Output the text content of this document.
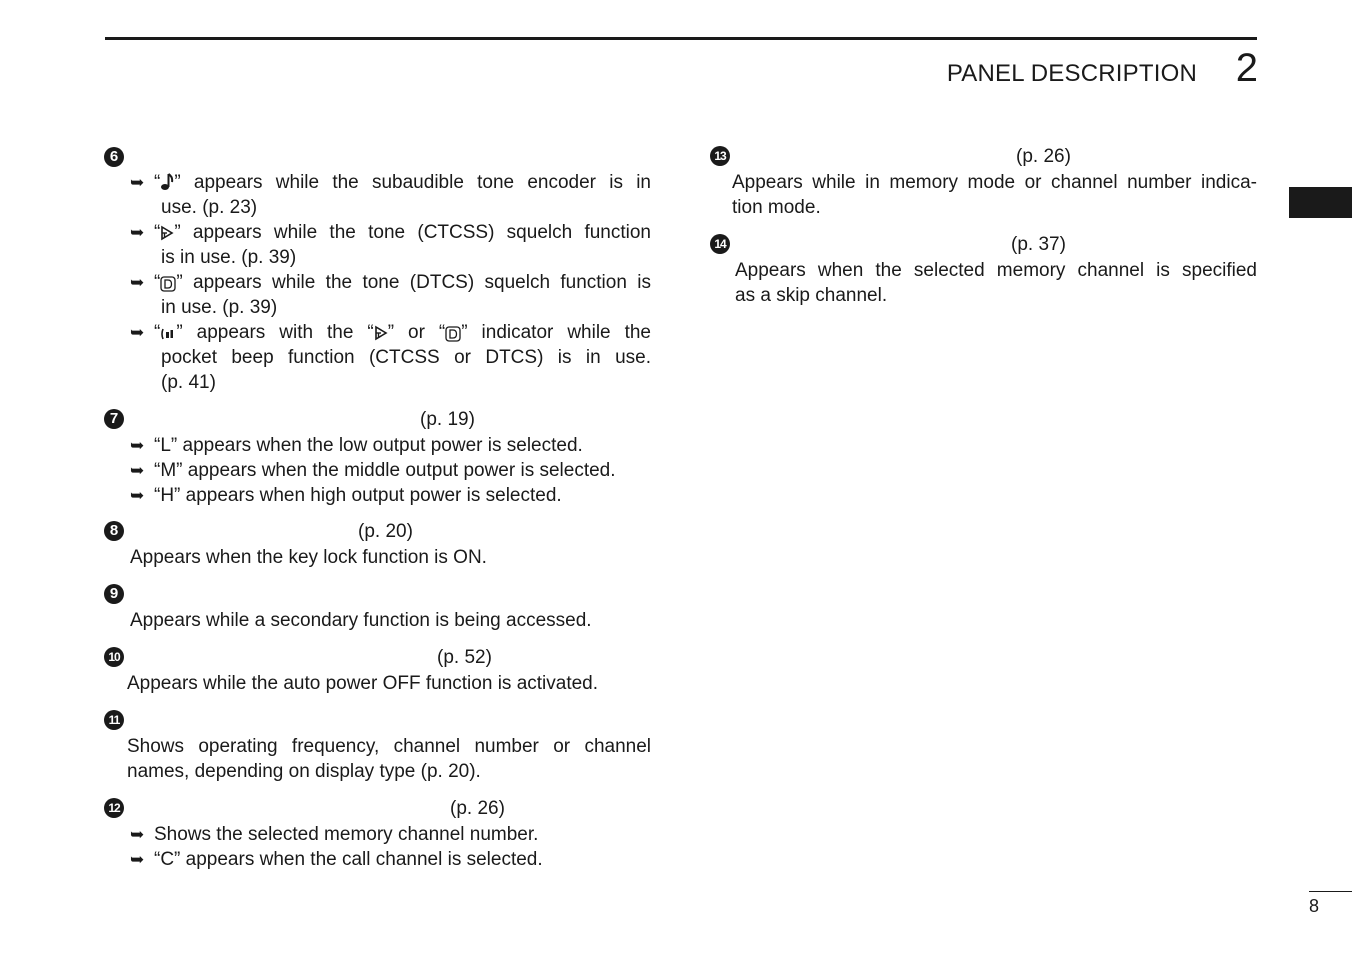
PANEL DESCRIPTION 2
6
➥ “ ” appears while the subaudible tone encoder is in
use. (p. 23)
➥ “ ” appears while the tone (CTCSS) squelch function
is in use. (p. 39)
➥ “ ” appears while the tone (DTCS) squelch function is
in use. (p. 39)
➥ “ ” appears with the “ ” or “ ” indicator while the
pocket beep function (CTCSS or DTCS) is in use.
(p. 41)
7	(p. 19)
➥ “L” appears when the low output power is selected.
➥ “M” appears when the middle output power is selected.
➥ “H” appears when high output power is selected.
8	(p. 20)
Appears when the key lock function is ON.
9
Appears while a secondary function is being accessed.
10	(p. 52)
Appears while the auto power OFF function is activated.
11
Shows operating frequency, channel number or channel
names, depending on display type (p. 20).
12	(p. 26)
➥ Shows the selected memory channel number.
➥ “C” appears when the call channel is selected.
13	(p. 26)
Appears while in memory mode or channel number indica-
tion mode.
14	(p. 37)
Appears when the selected memory channel is specified
as a skip channel.
8
